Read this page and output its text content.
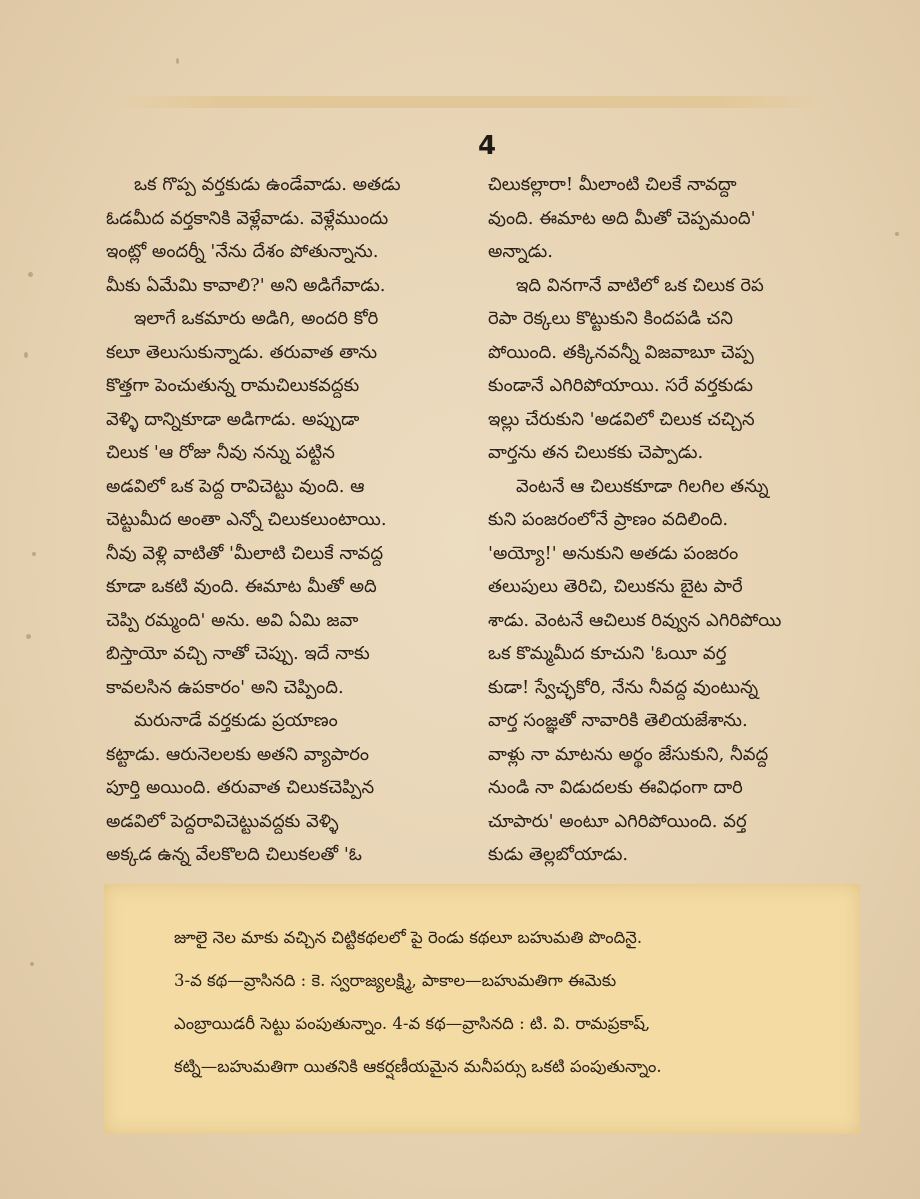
4

ఒక గొప్ప వర్తకుడు ఉండేవాడు. అతడు
ఓడమీద వర్తకానికి వెళ్లేవాడు. వెళ్లేముందు
ఇంట్లో అందర్నీ 'నేను దేశం పోతున్నాను.
మీకు ఏమేమి కావాలి?' అని అడిగేవాడు.

ఇలాగే ఒకమారు అడిగి, అందరి కోరి
కలూ తెలుసుకున్నాడు. తరువాత తాను
కొత్తగా పెంచుతున్న రామచిలుకవద్దకు
వెళ్ళి దాన్నికూడా అడిగాడు. అప్పుడా
చిలుక 'ఆ రోజు నీవు నన్ను పట్టిన
అడవిలో ఒక పెద్ద రావిచెట్టు వుంది. ఆ
చెట్టుమీద అంతా ఎన్నో చిలుకలుంటాయి.
నీవు వెళ్లి వాటితో 'మీలాటి చిలుకే నావద్ద
కూడా ఒకటి వుంది. ఈమాట మీతో అది
చెప్పి రమ్మంది' అను. అవి ఏమి జవా
బిస్తాయో వచ్చి నాతో చెప్పు. ఇదే నాకు
కావలసిన ఉపకారం' అని చెప్పింది.

మరునాడే వర్తకుడు ప్రయాణం
కట్టాడు. ఆరునెలలకు అతని వ్యాపారం
పూర్తి అయింది. తరువాత చిలుకచెప్పిన
అడవిలో పెద్దరావిచెట్టువద్దకు వెళ్ళి
అక్కడ ఉన్న వేలకొలది చిలుకలతో 'ఓ

చిలుకల్లారా! మీలాంటి చిలకే నావద్దా
వుంది. ఈమాట అది మీతో చెప్పమంది'
అన్నాడు.

ఇది వినగానే వాటిలో ఒక చిలుక రెప
రెపా రెక్కలు కొట్టుకుని కిందపడి చని
పోయింది. తక్కినవన్నీ విజవాబూ చెప్ప
కుండానే ఎగిరిపోయాయి. సరే వర్తకుడు
ఇల్లు చేరుకుని 'అడవిలో చిలుక చచ్చిన
వార్తను తన చిలుకకు చెప్పాడు.

వెంటనే ఆ చిలుకకూడా గిలగిల తన్ను
కుని పంజరంలోనే ప్రాణం వదిలింది.
'అయ్యో!' అనుకుని అతడు పంజరం
తలుపులు తెరిచి, చిలుకను బైట పారే
శాడు. వెంటనే ఆచిలుక రివ్వున ఎగిరిపోయి
ఒక కొమ్మమీద కూచుని 'ఓయీ వర్త
కుడా! స్వేచ్ఛకోరి, నేను నీవద్ద వుంటున్న
వార్త సంజ్ఞతో నావారికి తెలియజేశాను.
వాళ్లు నా మాటను అర్థం జేసుకుని, నీవద్ద
నుండి నా విడుదలకు ఈవిధంగా దారి
చూపారు' అంటూ ఎగిరిపోయింది. వర్త
కుడు తెల్లబోయాడు.

జూలై నెల మాకు వచ్చిన చిట్టికథలలో పై రెండు కథలూ బహుమతి పొందినై.
3-వ కథ—వ్రాసినది : కె. స్వరాజ్యలక్ష్మి, పాకాల—బహుమతిగా ఈమెకు
ఎంబ్రాయిడరీ సెట్టు పంపుతున్నాం. 4-వ కథ—వ్రాసినది : టి. వి. రామప్రకాష్,
కట్ని—బహుమతిగా యితనికి ఆకర్షణీయమైన మనీపర్సు ఒకటి పంపుతున్నాం.
